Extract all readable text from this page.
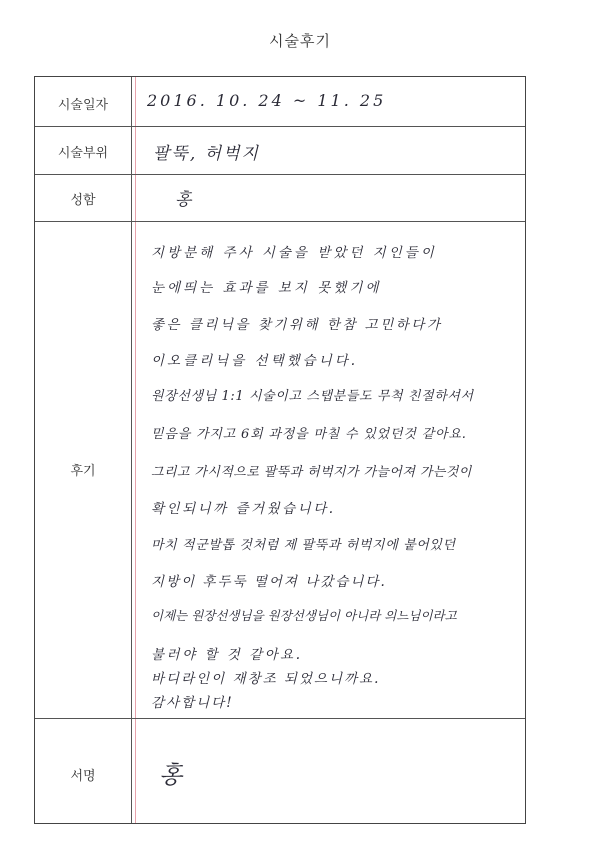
시술후기
시술일자
시술부위
성함
후기
서명
2016. 10. 24 ~ 11. 25
팔뚝, 허벅지
홍
지방분해 주사 시술을 받았던 지인들이
눈에띄는 효과를 보지 못했기에
좋은 클리닉을 찾기위해 한참 고민하다가
이오클리닉을 선택했습니다.
원장선생님 1:1 시술이고 스탭분들도 무척 친절하셔서
믿음을 가지고 6회 과정을 마칠 수 있었던것 같아요.
그리고 가시적으로 팔뚝과 허벅지가 가늘어져 가는것이
확인되니까 즐거웠습니다.
마치 적군발톱 것처럼 제 팔뚝과 허벅지에 붙어있던
지방이 후두둑 떨어져 나갔습니다.
이제는 원장선생님을 원장선생님이 아니라 의느님이라고
불러야 할 것 같아요.
바디라인이 재창조 되었으니까요.
감사합니다!
홍
